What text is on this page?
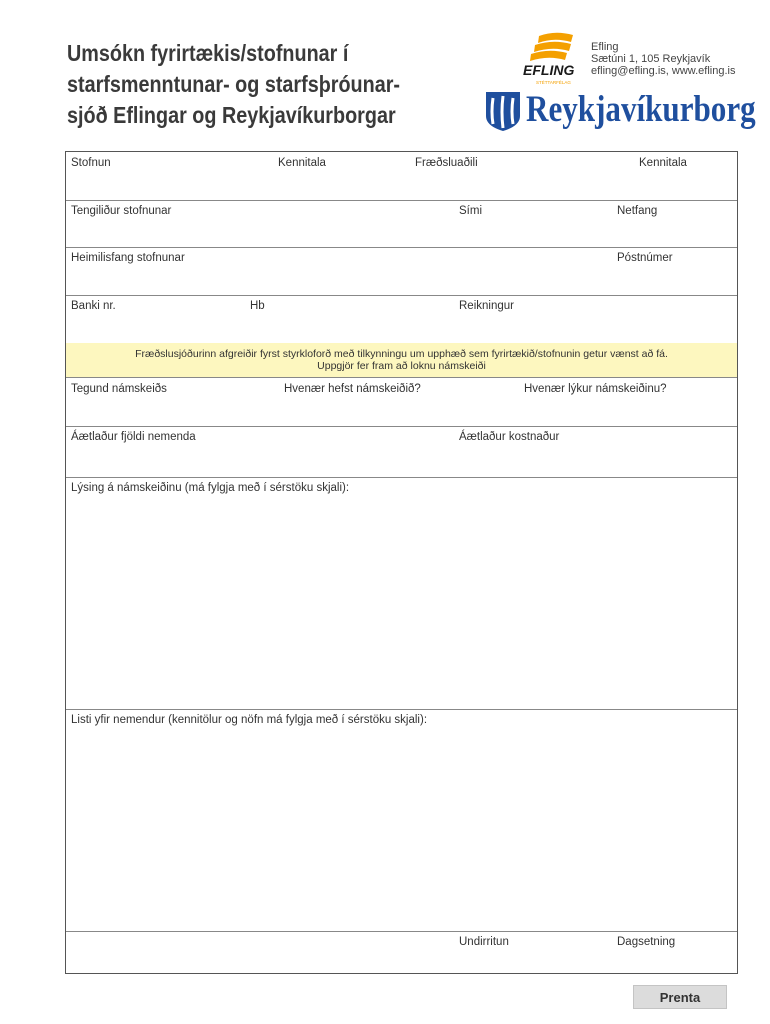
Umsókn fyrirtækis/stofnunar í
starfsmenntunar- og starfsþróunar-
sjóð Eflingar og Reykjavíkurborgar
EFLING
STÉTTARFÉLAG
Efling
Sætúni 1, 105 Reykjavík
efling@efling.is, www.efling.is
Reykjavíkurborg
Stofnun	Kennitala	Fræðsluaðili	Kennitala
Tengiliður stofnunar	Sími	Netfang
Heimilisfang stofnunar	Póstnúmer
Banki nr.	Hb	Reikningur
Fræðslusjóðurinn afgreiðir fyrst styrkloforð með tilkynningu um upphæð sem fyrirtækið/stofnunin getur vænst að fá.
Uppgjör fer fram að loknu námskeiði
Tegund námskeiðs	Hvenær hefst námskeiðið?	Hvenær lýkur námskeiðinu?
Áætlaður fjöldi nemenda	Áætlaður kostnaður
Lýsing á námskeiðinu (má fylgja með í sérstöku skjali):
Listi yfir nemendur (kennitölur og nöfn má fylgja með í sérstöku skjali):
Undirritun	Dagsetning
Prenta
